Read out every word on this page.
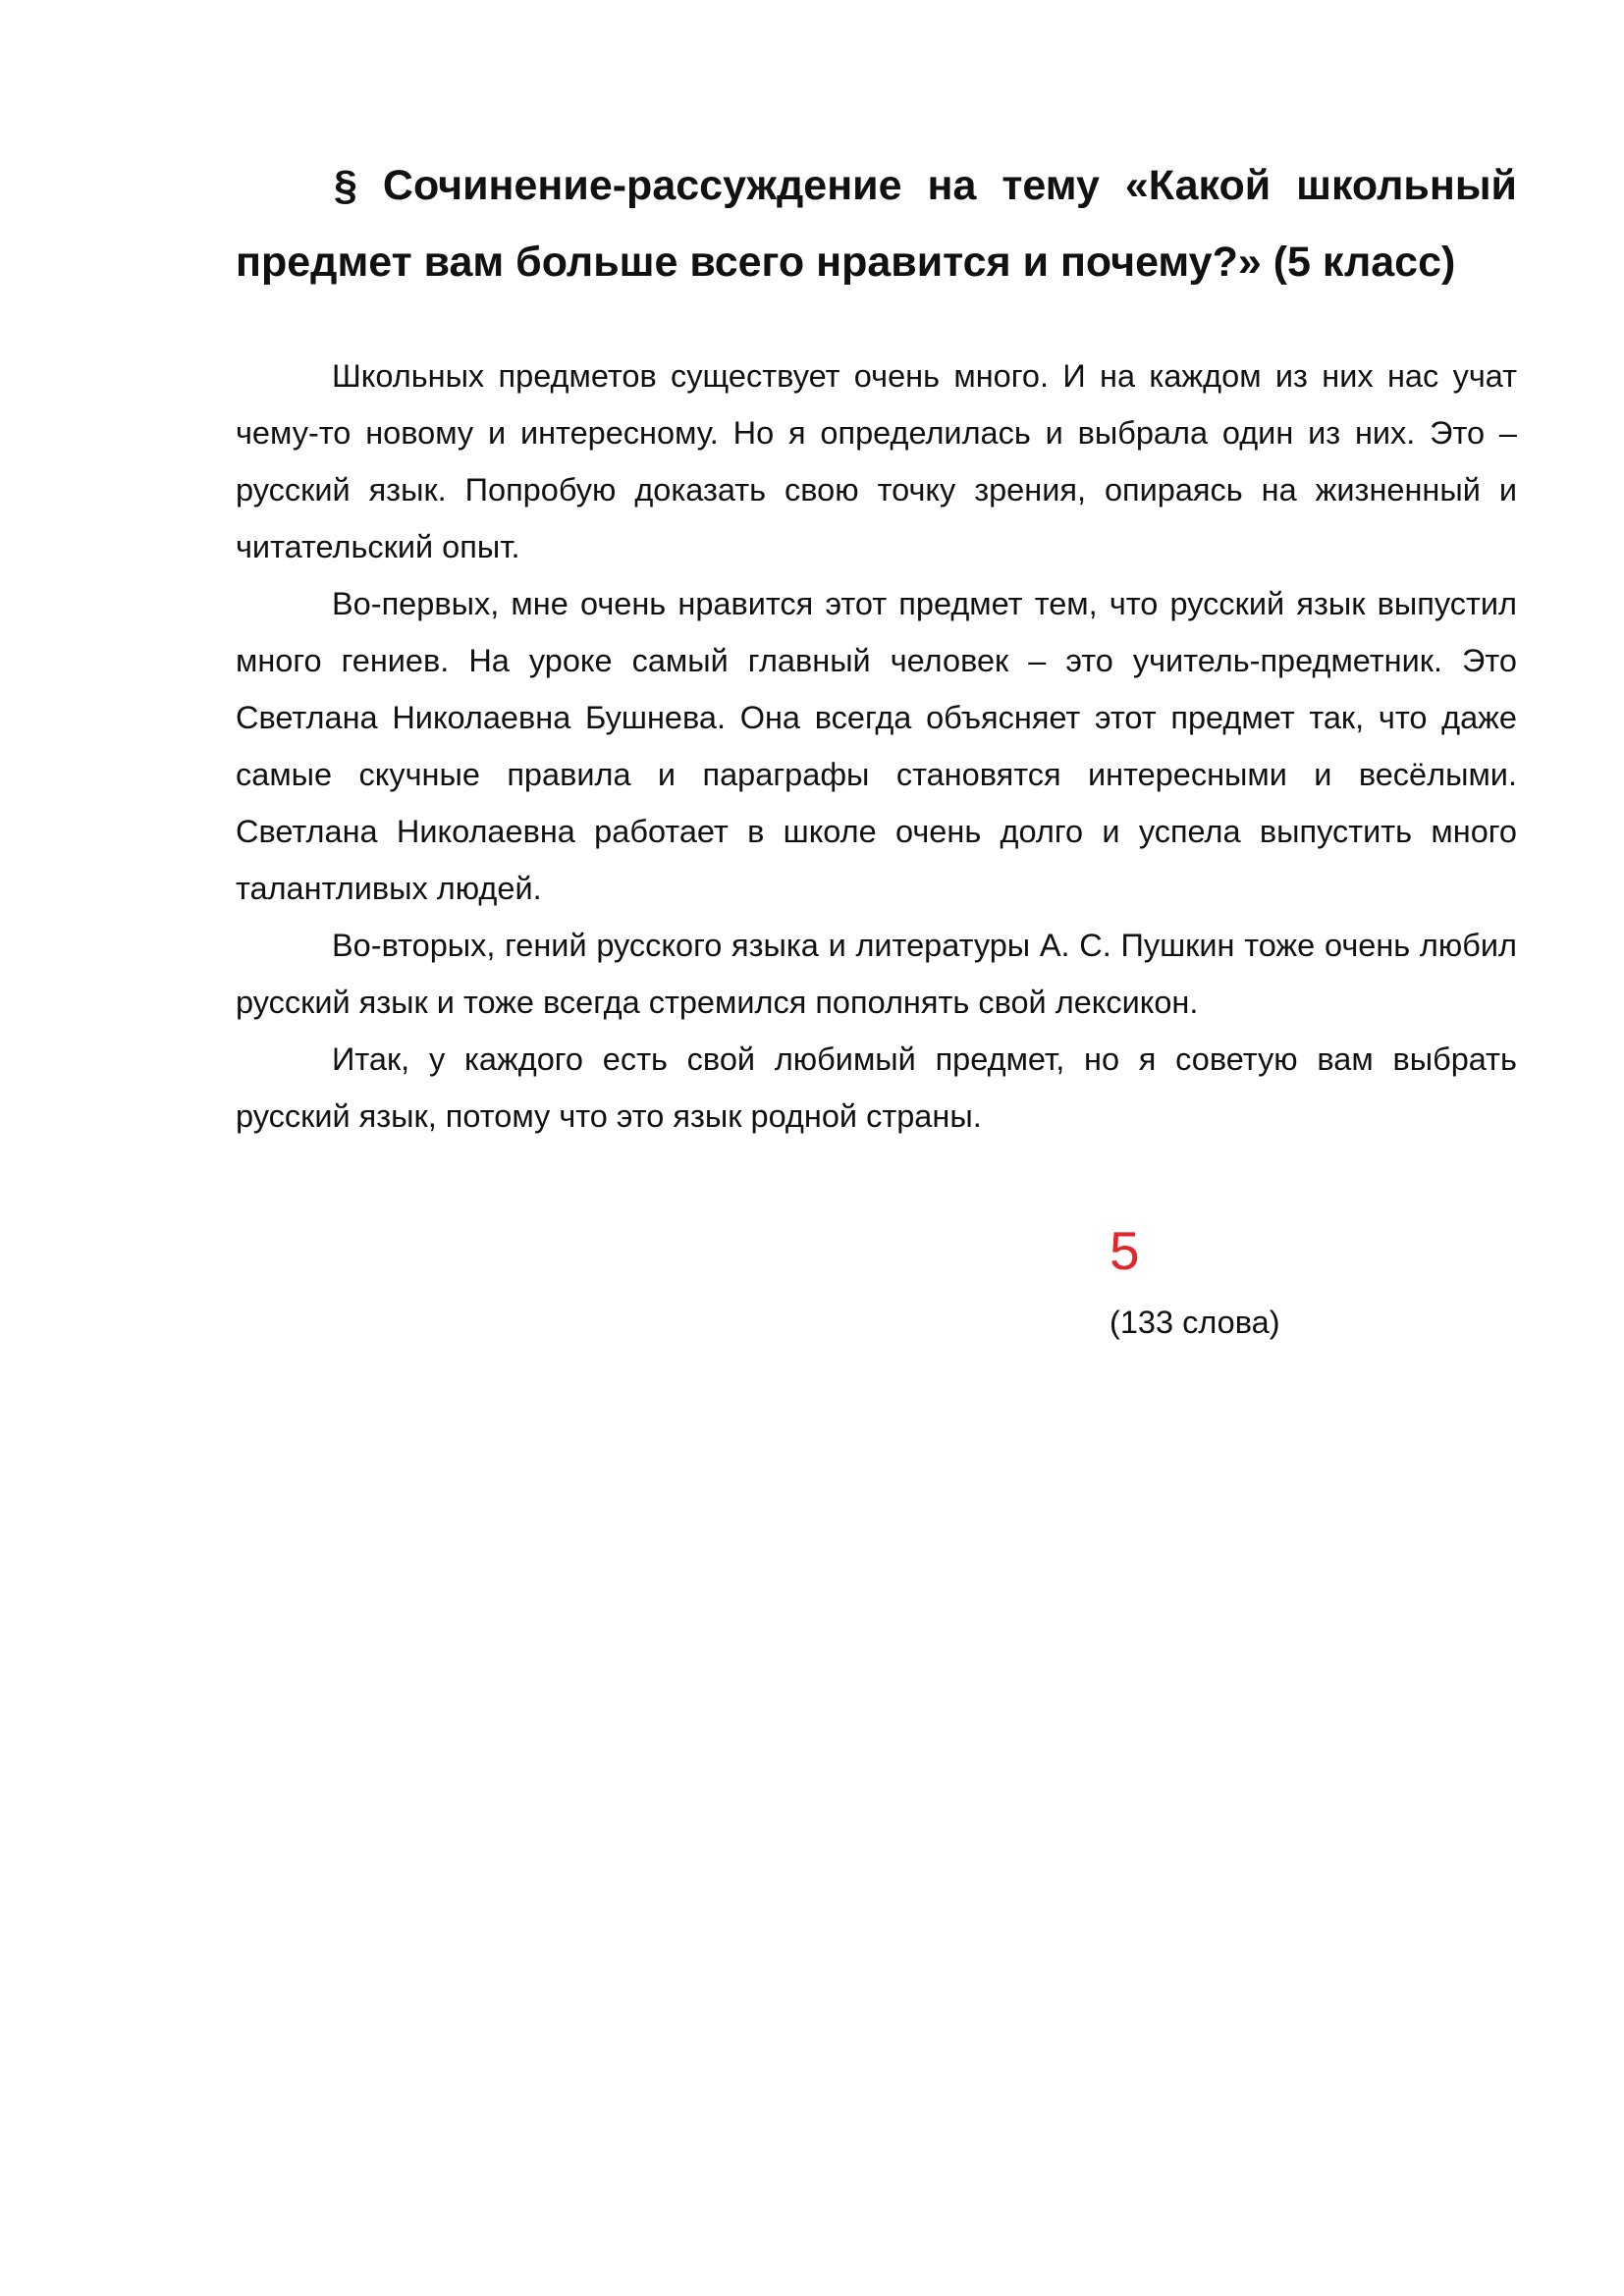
§ Сочинение-рассуждение на тему «Какой школьный
предмет вам больше всего нравится и почему?» (5 класс)

Школьных предметов существует очень много. И на каждом из них нас учат чему-то новому и интересному. Но я определилась и выбрала один из них. Это – русский язык. Попробую доказать свою точку зрения, опираясь на жизненный и читательский опыт.

Во-первых, мне очень нравится этот предмет тем, что русский язык выпустил много гениев. На уроке самый главный человек – это учитель-предметник. Это Светлана Николаевна Бушнева. Она всегда объясняет этот предмет так, что даже самые скучные правила и параграфы становятся интересными и весёлыми. Светлана Николаевна работает в школе очень долго и успела выпустить много талантливых людей.

Во-вторых, гений русского языка и литературы А. С. Пушкин тоже очень любил русский язык и тоже всегда стремился пополнять свой лексикон.

Итак, у каждого есть свой любимый предмет, но я советую вам выбрать русский язык, потому что это язык родной страны.

5
(133 слова)
